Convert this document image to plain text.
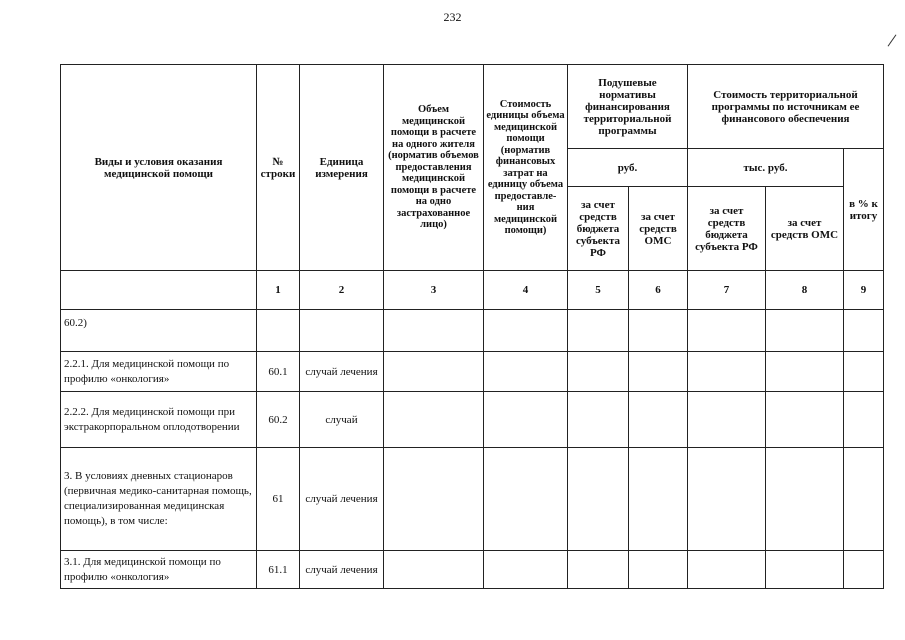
232
Виды и условия оказания медицинской помощи	№ строки	Единица измерения	Объем медицинской помощи в расчете на одного жителя (норматив объемов предоставления медицинской помощи в расчете на одно застрахованное лицо)	Стоимость единицы объема медицинской помощи (норматив финансовых затрат на единицу объема предоставле-ния медицинской помощи)	Подушевые нормативы финансирования территориальной программы		Стоимость территориальной программы по источникам ее финансового обеспечения		
					руб.		тыс. руб.		в % к итогу
					за счет средств бюджета субъекта РФ	за счет средств ОМС	за счет средств бюджета субъекта РФ	за счет средств ОМС	
	1	2	3	4	5	6	7	8	9
60.2)									
2.2.1. Для медицинской помощи по профилю «онкология»	60.1	случай лечения							
2.2.2. Для медицинской помощи при экстракорпоральном оплодотворении	60.2	случай							
3. В условиях дневных стационаров (первичная медико-санитарная помощь, специализированная медицинская помощь), в том числе:	61	случай лечения							
3.1. Для медицинской помощи по профилю «онкология»	61.1	случай лечения							
